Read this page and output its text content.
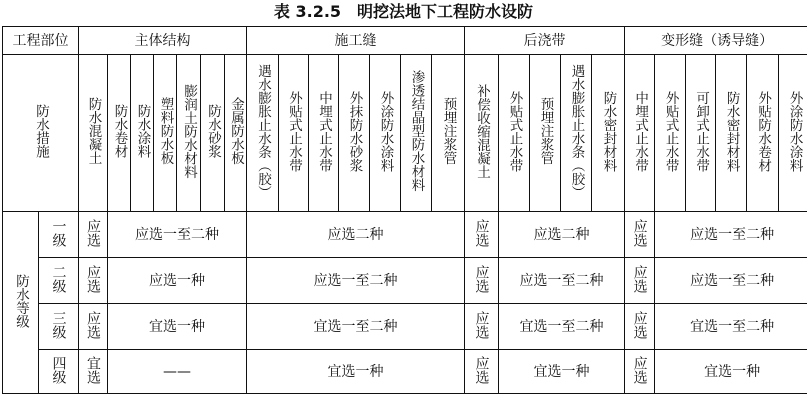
表 3.2.5　明挖法地下工程防水设防
工程部位		主体结构							施工缝							后浇带					变形缝（诱导缝）					
防水措施		防水混凝土	防水卷材	防水涂料	塑料防水板	膨润土防水材料	防水砂浆	金属防水板	遇水膨胀止水条（胶）	外贴式止水带	中埋式止水带	外抹防水砂浆	外涂防水涂料	渗透结晶型防水材料	预埋注浆管	补偿收缩混凝土	外贴式止水带	预埋注浆管	遇水膨胀止水条（胶）	防水密封材料	中埋式止水带	外贴式止水带	可卸式止水带	防水密封材料	外贴防水卷材	外涂防水涂料
防水等级	一级	应选	应选一至二种						应选二种							应选	应选二种				应选	应选一至二种				
	二级	应选	应选一种						应选一至二种							应选	应选一至二种				应选	应选一至二种				
	三级	应选	宜选一种						宜选一至二种							应选	宜选一至二种				应选	宜选一至二种				
	四级	宜选	——						宜选一种							应选	宜选一种				应选	宜选一种				
